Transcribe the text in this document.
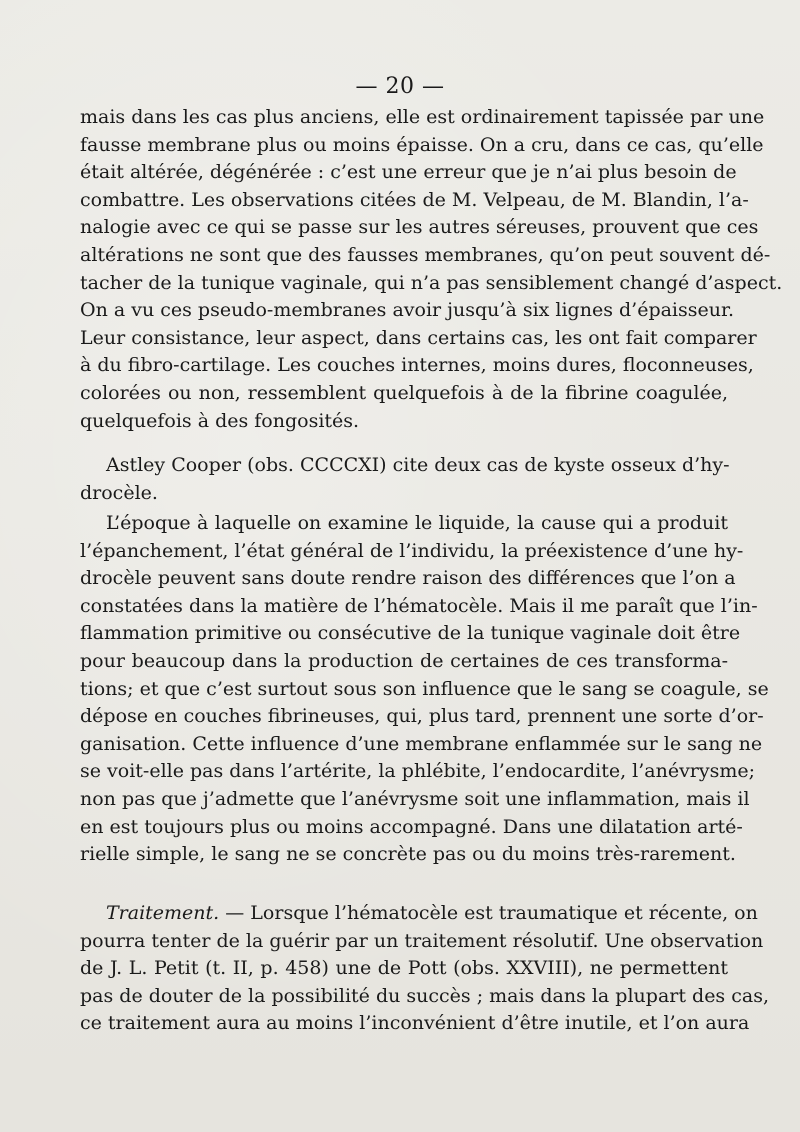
— 20 —
mais dans les cas plus anciens, elle est ordinairement tapissée par une
fausse membrane plus ou moins épaisse. On a cru, dans ce cas, qu’elle
était altérée, dégénérée : c’est une erreur que je n’ai plus besoin de
combattre. Les observations citées de M. Velpeau, de M. Blandin, l’a-
nalogie avec ce qui se passe sur les autres séreuses, prouvent que ces
altérations ne sont que des fausses membranes, qu’on peut souvent dé-
tacher de la tunique vaginale, qui n’a pas sensiblement changé d’aspect.
On a vu ces pseudo-membranes avoir jusqu’à six lignes d’épaisseur.
Leur consistance, leur aspect, dans certains cas, les ont fait comparer
à du fibro-cartilage. Les couches internes, moins dures, floconneuses,
colorées ou non, ressemblent quelquefois à de la fibrine coagulée,
quelquefois à des fongosités.
Astley Cooper (obs. CCCCXI) cite deux cas de kyste osseux d’hy-
drocèle.
L’époque à laquelle on examine le liquide, la cause qui a produit
l’épanchement, l’état général de l’individu, la préexistence d’une hy-
drocèle peuvent sans doute rendre raison des différences que l’on a
constatées dans la matière de l’hématocèle. Mais il me paraît que l’in-
flammation primitive ou consécutive de la tunique vaginale doit être
pour beaucoup dans la production de certaines de ces transforma-
tions; et que c’est surtout sous son influence que le sang se coagule, se
dépose en couches fibrineuses, qui, plus tard, prennent une sorte d’or-
ganisation. Cette influence d’une membrane enflammée sur le sang ne
se voit-elle pas dans l’artérite, la phlébite, l’endocardite, l’anévrysme;
non pas que j’admette que l’anévrysme soit une inflammation, mais il
en est toujours plus ou moins accompagné. Dans une dilatation arté-
rielle simple, le sang ne se concrète pas ou du moins très-rarement.
Traitement. — Lorsque l’hématocèle est traumatique et récente, on
pourra tenter de la guérir par un traitement résolutif. Une observation
de J. L. Petit (t. II, p. 458) une de Pott (obs. XXVIII), ne permettent
pas de douter de la possibilité du succès ; mais dans la plupart des cas,
ce traitement aura au moins l’inconvénient d’être inutile, et l’on aura
